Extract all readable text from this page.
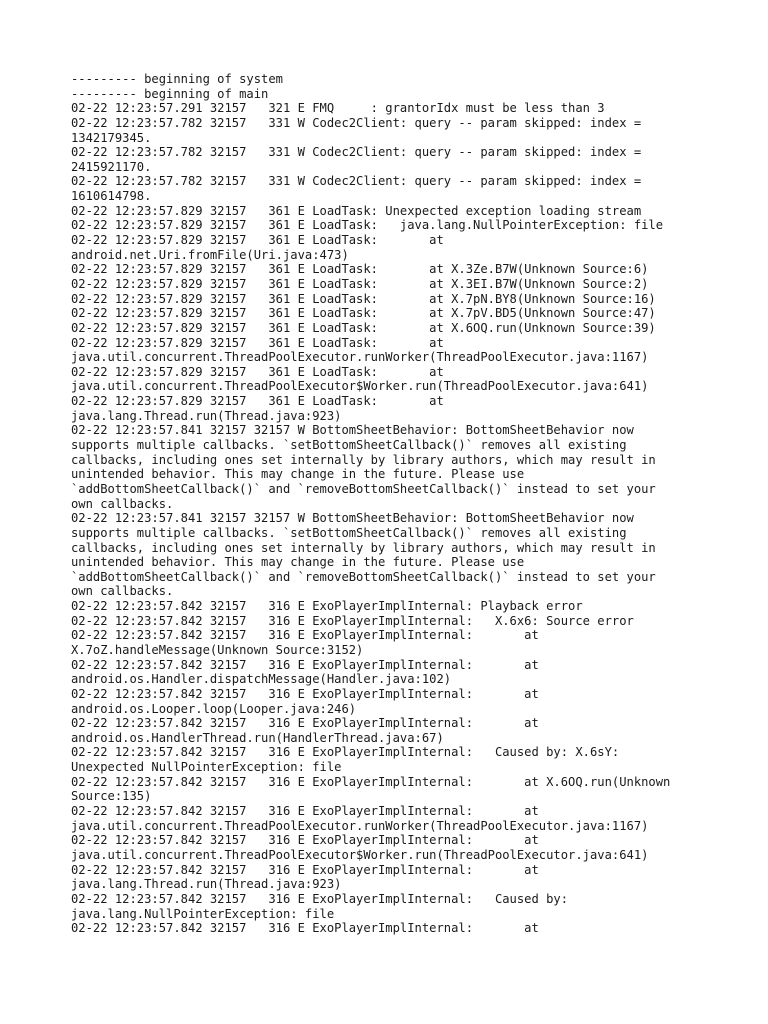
--------- beginning of system
--------- beginning of main
02-22 12:23:57.291 32157   321 E FMQ     : grantorIdx must be less than 3
02-22 12:23:57.782 32157   331 W Codec2Client: query -- param skipped: index =
1342179345.
02-22 12:23:57.782 32157   331 W Codec2Client: query -- param skipped: index =
2415921170.
02-22 12:23:57.782 32157   331 W Codec2Client: query -- param skipped: index =
1610614798.
02-22 12:23:57.829 32157   361 E LoadTask: Unexpected exception loading stream
02-22 12:23:57.829 32157   361 E LoadTask:   java.lang.NullPointerException: file
02-22 12:23:57.829 32157   361 E LoadTask:       at
android.net.Uri.fromFile(Uri.java:473)
02-22 12:23:57.829 32157   361 E LoadTask:       at X.3Ze.B7W(Unknown Source:6)
02-22 12:23:57.829 32157   361 E LoadTask:       at X.3EI.B7W(Unknown Source:2)
02-22 12:23:57.829 32157   361 E LoadTask:       at X.7pN.BY8(Unknown Source:16)
02-22 12:23:57.829 32157   361 E LoadTask:       at X.7pV.BD5(Unknown Source:47)
02-22 12:23:57.829 32157   361 E LoadTask:       at X.6OQ.run(Unknown Source:39)
02-22 12:23:57.829 32157   361 E LoadTask:       at
java.util.concurrent.ThreadPoolExecutor.runWorker(ThreadPoolExecutor.java:1167)
02-22 12:23:57.829 32157   361 E LoadTask:       at
java.util.concurrent.ThreadPoolExecutor$Worker.run(ThreadPoolExecutor.java:641)
02-22 12:23:57.829 32157   361 E LoadTask:       at
java.lang.Thread.run(Thread.java:923)
02-22 12:23:57.841 32157 32157 W BottomSheetBehavior: BottomSheetBehavior now
supports multiple callbacks. `setBottomSheetCallback()` removes all existing
callbacks, including ones set internally by library authors, which may result in
unintended behavior. This may change in the future. Please use
`addBottomSheetCallback()` and `removeBottomSheetCallback()` instead to set your
own callbacks.
02-22 12:23:57.841 32157 32157 W BottomSheetBehavior: BottomSheetBehavior now
supports multiple callbacks. `setBottomSheetCallback()` removes all existing
callbacks, including ones set internally by library authors, which may result in
unintended behavior. This may change in the future. Please use
`addBottomSheetCallback()` and `removeBottomSheetCallback()` instead to set your
own callbacks.
02-22 12:23:57.842 32157   316 E ExoPlayerImplInternal: Playback error
02-22 12:23:57.842 32157   316 E ExoPlayerImplInternal:   X.6x6: Source error
02-22 12:23:57.842 32157   316 E ExoPlayerImplInternal:       at
X.7oZ.handleMessage(Unknown Source:3152)
02-22 12:23:57.842 32157   316 E ExoPlayerImplInternal:       at
android.os.Handler.dispatchMessage(Handler.java:102)
02-22 12:23:57.842 32157   316 E ExoPlayerImplInternal:       at
android.os.Looper.loop(Looper.java:246)
02-22 12:23:57.842 32157   316 E ExoPlayerImplInternal:       at
android.os.HandlerThread.run(HandlerThread.java:67)
02-22 12:23:57.842 32157   316 E ExoPlayerImplInternal:   Caused by: X.6sY:
Unexpected NullPointerException: file
02-22 12:23:57.842 32157   316 E ExoPlayerImplInternal:       at X.6OQ.run(Unknown
Source:135)
02-22 12:23:57.842 32157   316 E ExoPlayerImplInternal:       at
java.util.concurrent.ThreadPoolExecutor.runWorker(ThreadPoolExecutor.java:1167)
02-22 12:23:57.842 32157   316 E ExoPlayerImplInternal:       at
java.util.concurrent.ThreadPoolExecutor$Worker.run(ThreadPoolExecutor.java:641)
02-22 12:23:57.842 32157   316 E ExoPlayerImplInternal:       at
java.lang.Thread.run(Thread.java:923)
02-22 12:23:57.842 32157   316 E ExoPlayerImplInternal:   Caused by:
java.lang.NullPointerException: file
02-22 12:23:57.842 32157   316 E ExoPlayerImplInternal:       at
